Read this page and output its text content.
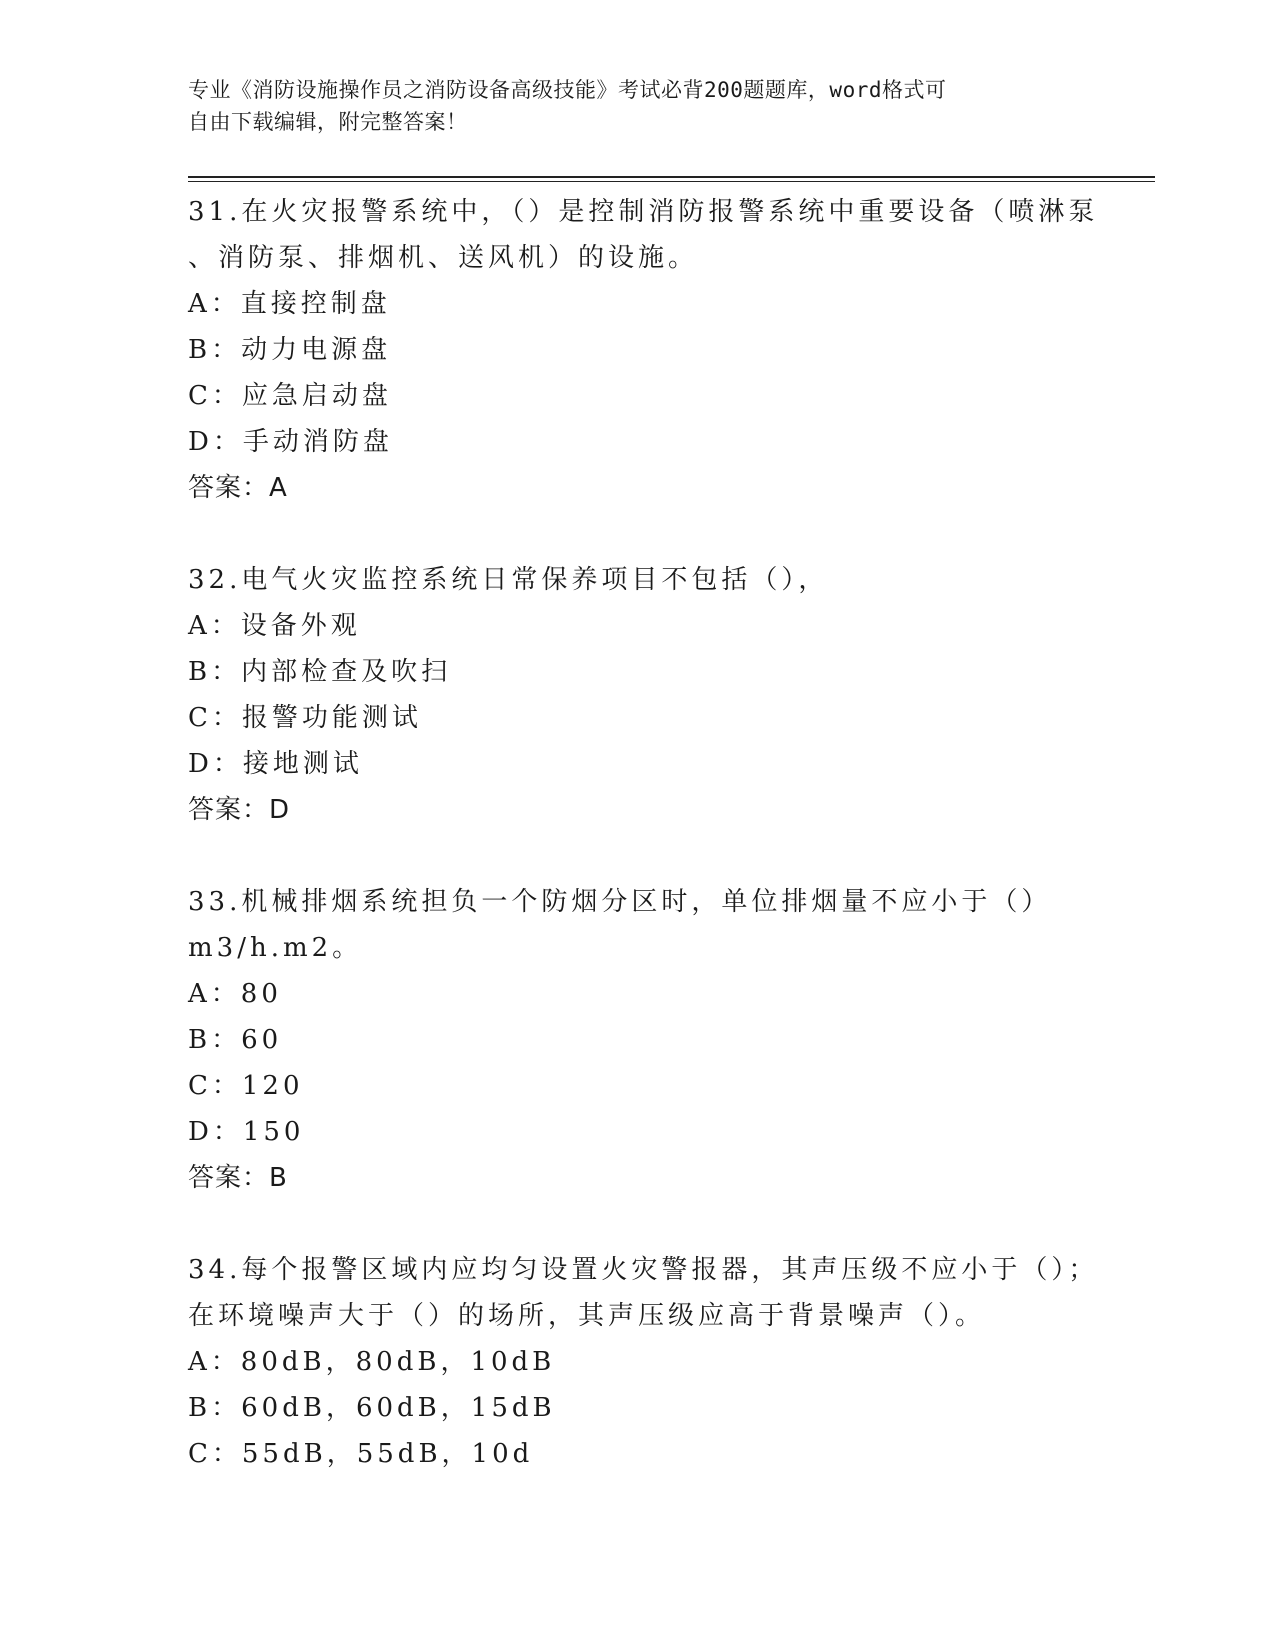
专业《消防设施操作员之消防设备高级技能》考试必背200题题库，word格式可
自由下载编辑，附完整答案！

31.在火灾报警系统中，（）是控制消防报警系统中重要设备（喷淋泵

、消防泵、排烟机、送风机）的设施。

A：直接控制盘

B：动力电源盘

C：应急启动盘

D：手动消防盘

答案：A

32.电气火灾监控系统日常保养项目不包括（），

A：设备外观

B：内部检查及吹扫

C：报警功能测试

D：接地测试

答案：D

33.机械排烟系统担负一个防烟分区时，单位排烟量不应小于（）

m3/h.m2。

A：80

B：60

C：120

D：150

答案：B

34.每个报警区域内应均匀设置火灾警报器，其声压级不应小于（）；

在环境噪声大于（）的场所，其声压级应高于背景噪声（）。

A：80dB，80dB，10dB

B：60dB，60dB，15dB

C：55dB，55dB，10d
